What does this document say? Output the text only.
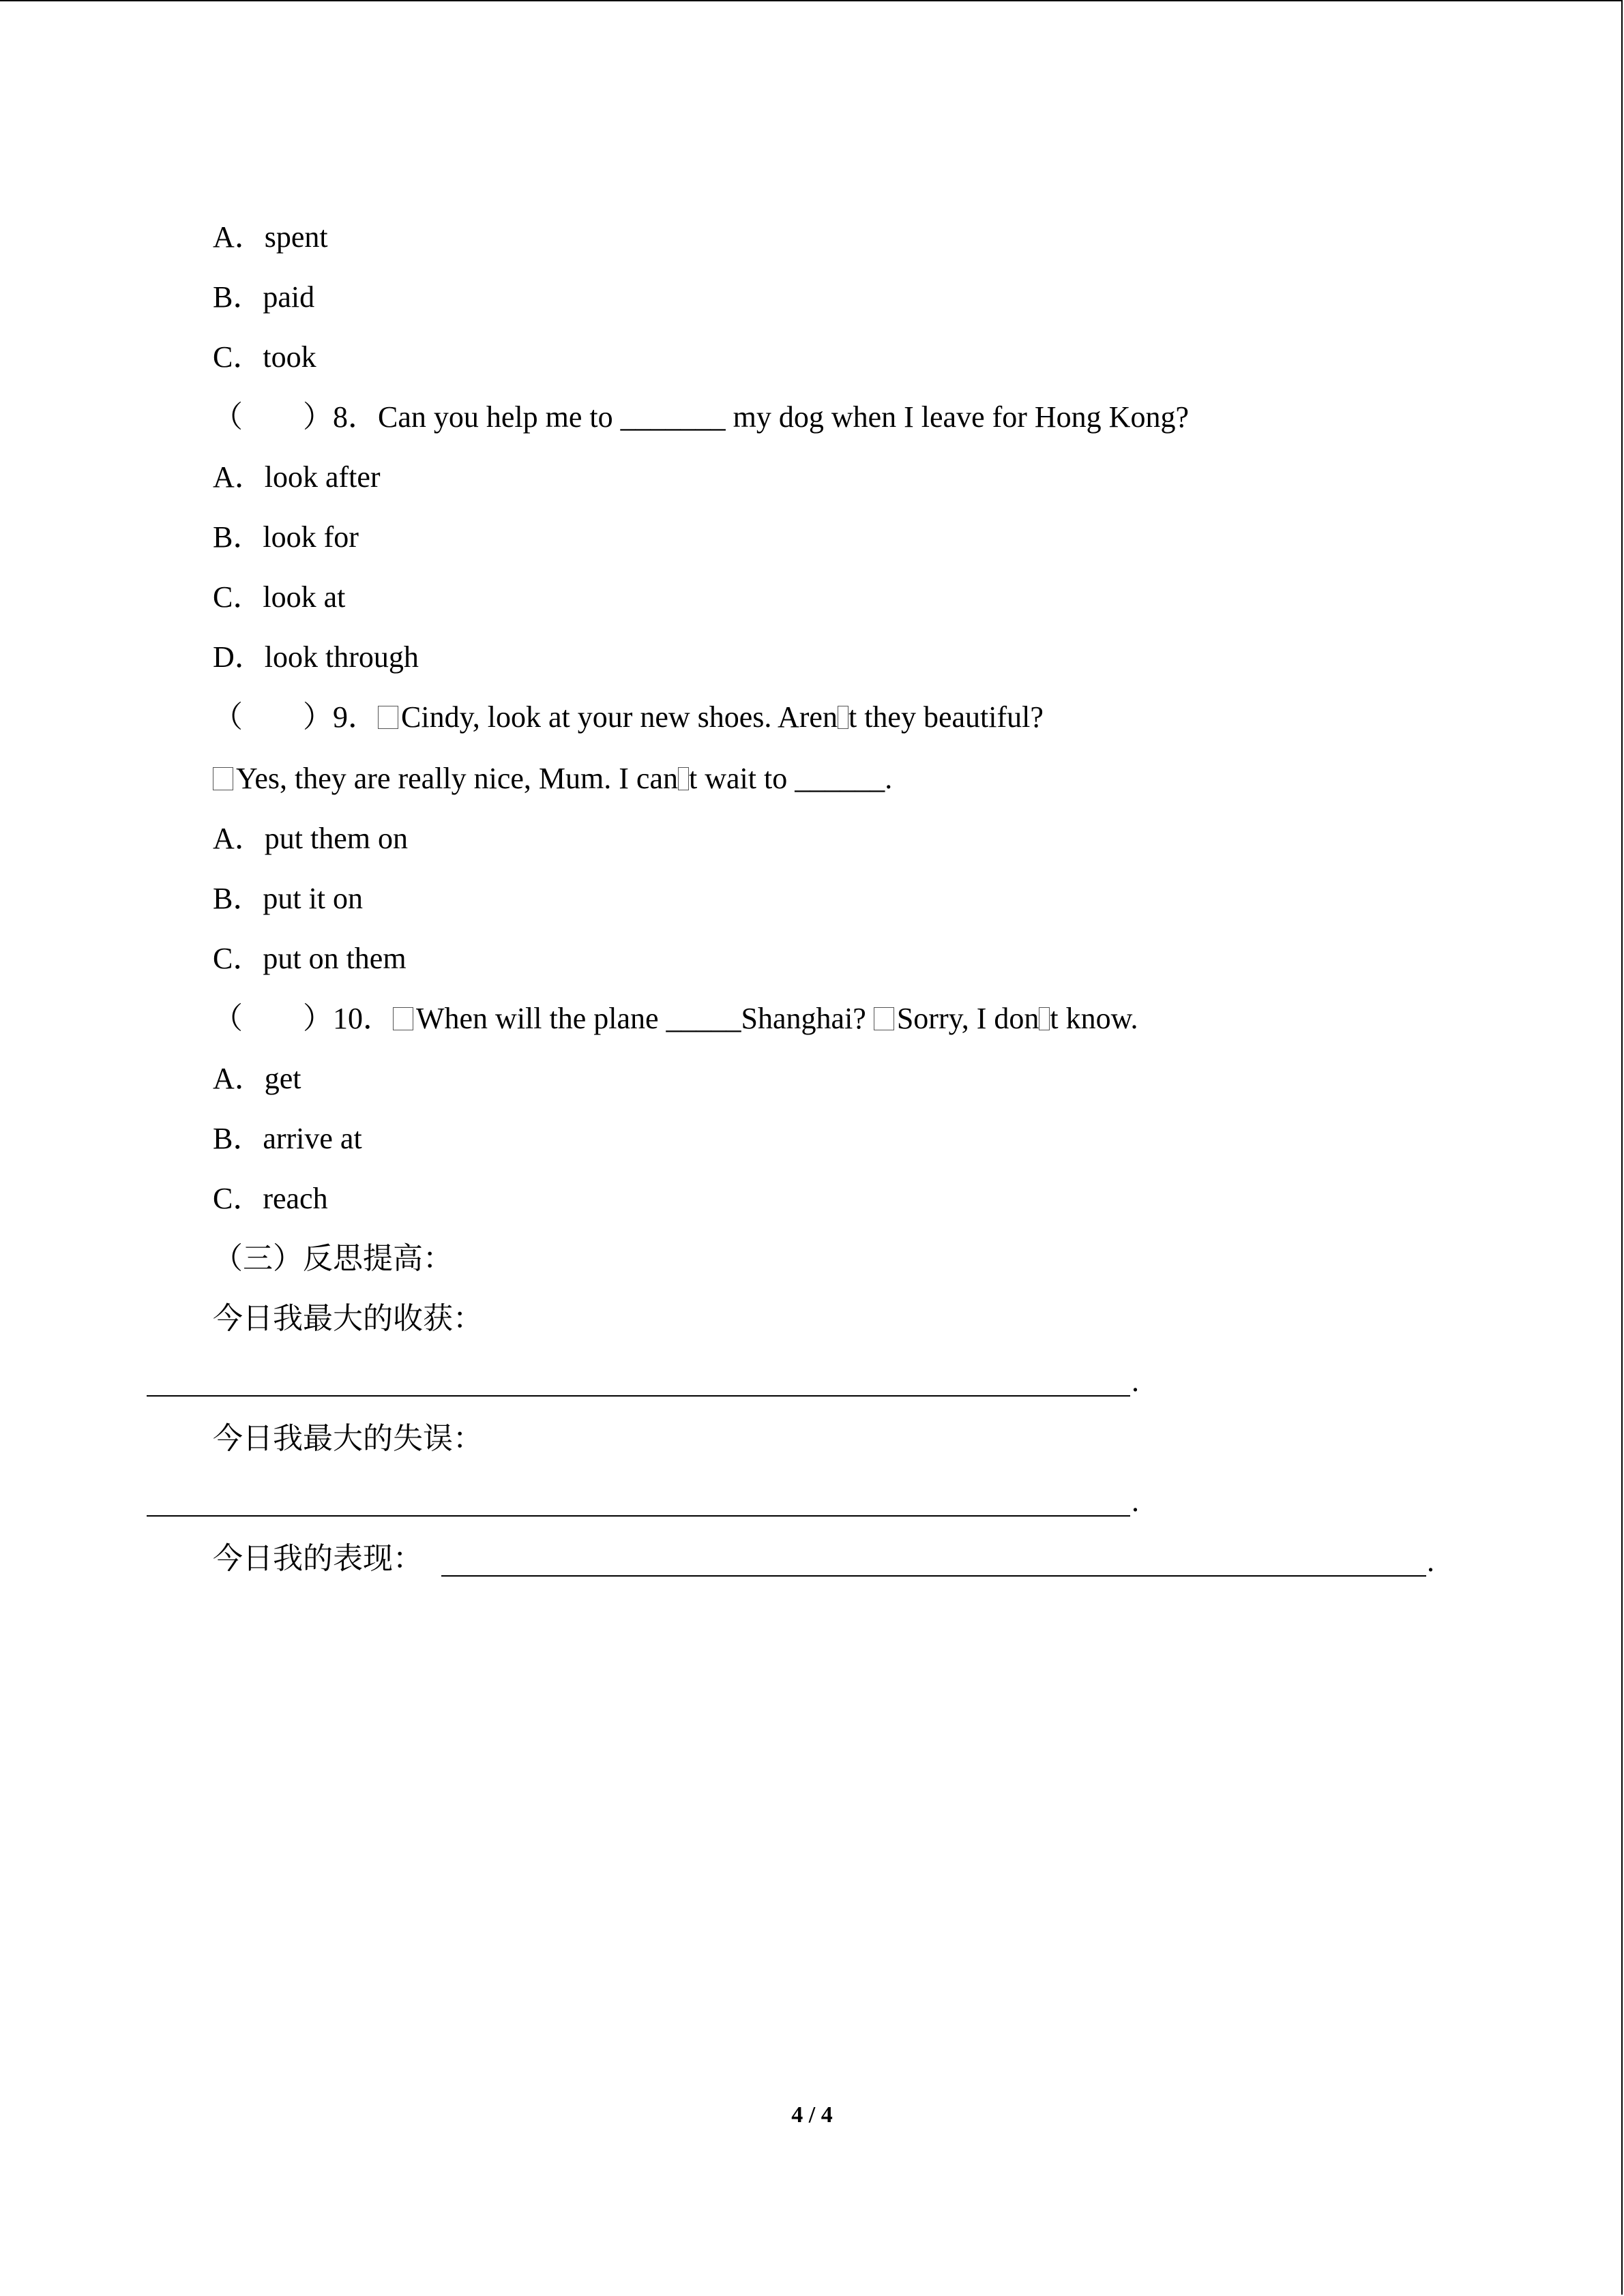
A．spent
B．paid
C．took
（　　）8．Can you help me to _______ my dog when I leave for Hong Kong?
A．look after
B．look for
C．look at
D．look through
（　　）9． Cindy, look at your new shoes. Aren t they beautiful?
Yes, they are really nice, Mum. I can t wait to ______.
A．put them on
B．put it on
C．put on them
（　　）10． When will the plane _____Shanghai? Sorry, I don t know.
A．get
B．arrive at
C．reach
（三）反思提高：
今日我最大的收获：
.
今日我最大的失误：
.
今日我的表现：	.
4 / 4
